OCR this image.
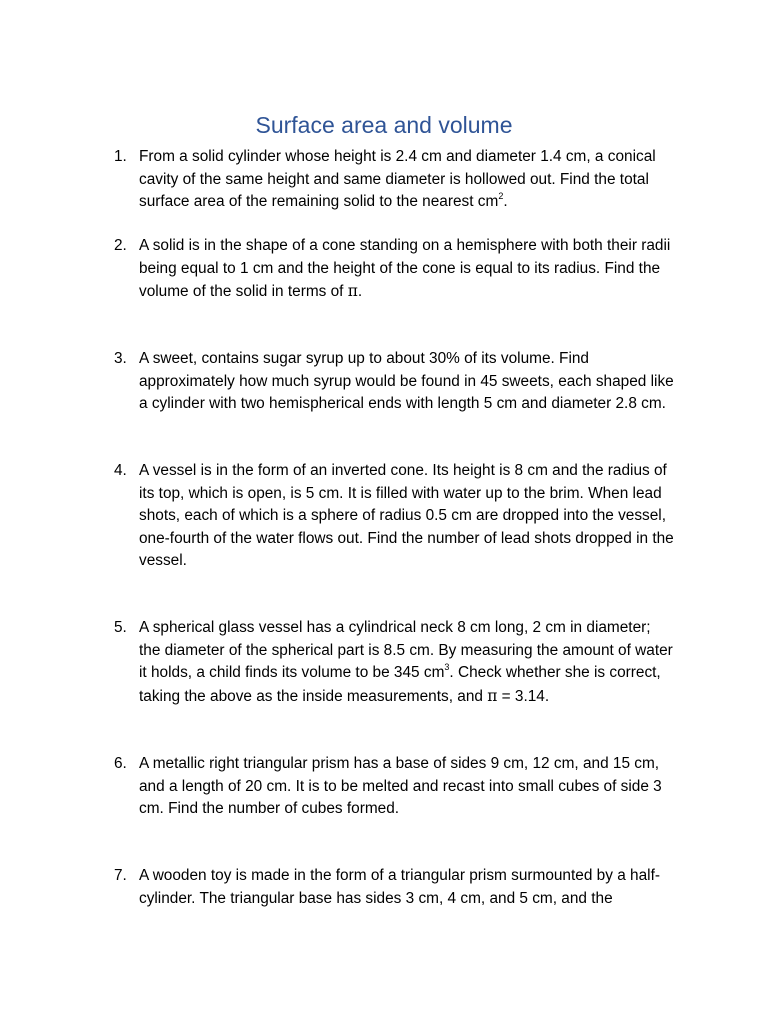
Surface area and volume
1. From a solid cylinder whose height is 2.4 cm and diameter 1.4 cm, a conical cavity of the same height and same diameter is hollowed out. Find the total surface area of the remaining solid to the nearest $cm^2$.
2. A solid is in the shape of a cone standing on a hemisphere with both their radii being equal to 1 cm and the height of the cone is equal to its radius. Find the volume of the solid in terms of π.
3. A sweet, contains sugar syrup up to about 30% of its volume. Find approximately how much syrup would be found in 45 sweets, each shaped like a cylinder with two hemispherical ends with length 5 cm and diameter 2.8 cm.
4. A vessel is in the form of an inverted cone. Its height is 8 cm and the radius of its top, which is open, is 5 cm. It is filled with water up to the brim. When lead shots, each of which is a sphere of radius 0.5 cm are dropped into the vessel, one-fourth of the water flows out. Find the number of lead shots dropped in the vessel.
5. A spherical glass vessel has a cylindrical neck 8 cm long, 2 cm in diameter; the diameter of the spherical part is 8.5 cm. By measuring the amount of water it holds, a child finds its volume to be 345 $cm^3$. Check whether she is correct, taking the above as the inside measurements, and π = 3.14.
6. A metallic right triangular prism has a base of sides 9 cm, 12 cm, and 15 cm, and a length of 20 cm. It is to be melted and recast into small cubes of side 3 cm. Find the number of cubes formed.
7. A wooden toy is made in the form of a triangular prism surmounted by a half-cylinder. The triangular base has sides 3 cm, 4 cm, and 5 cm, and the
